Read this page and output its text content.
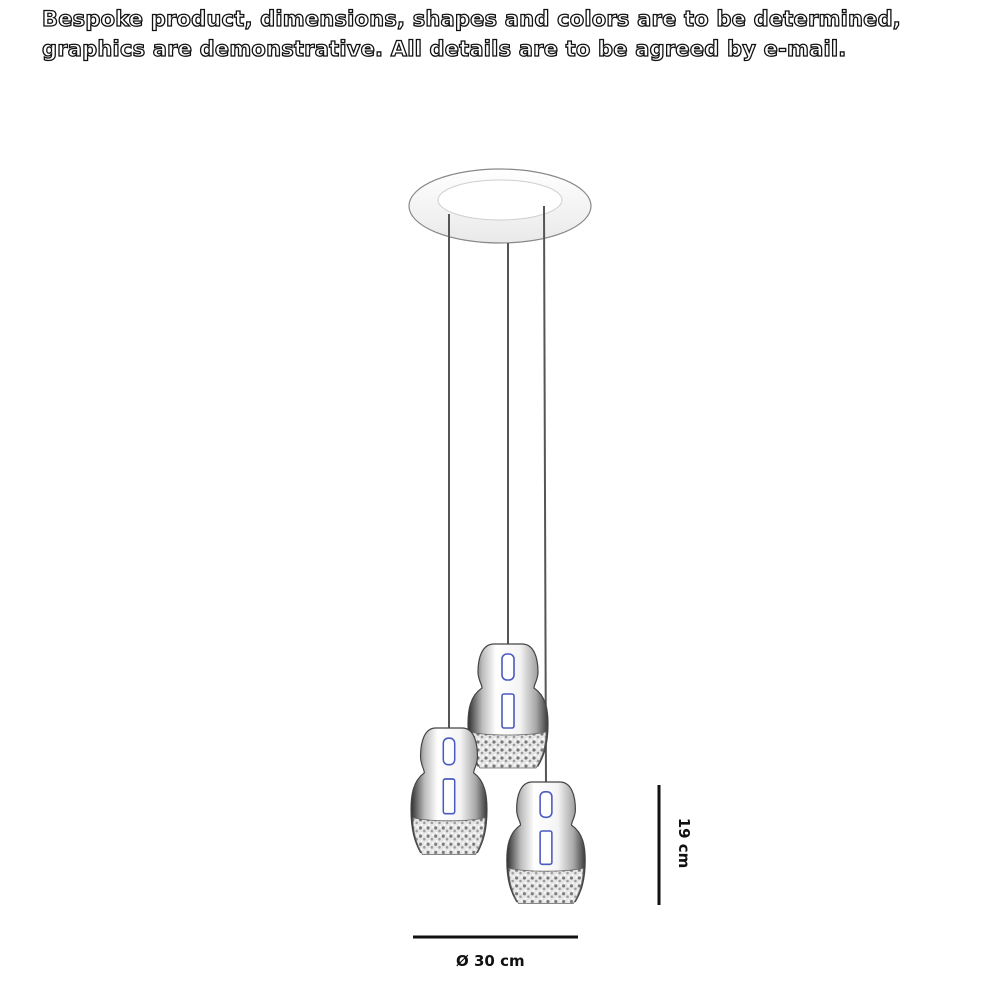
Bespoke product, dimensions, shapes and colors are to be determined, graphics are demonstrative. All details are to be agreed by e-mail.

Ø 30 cm

19 cm
